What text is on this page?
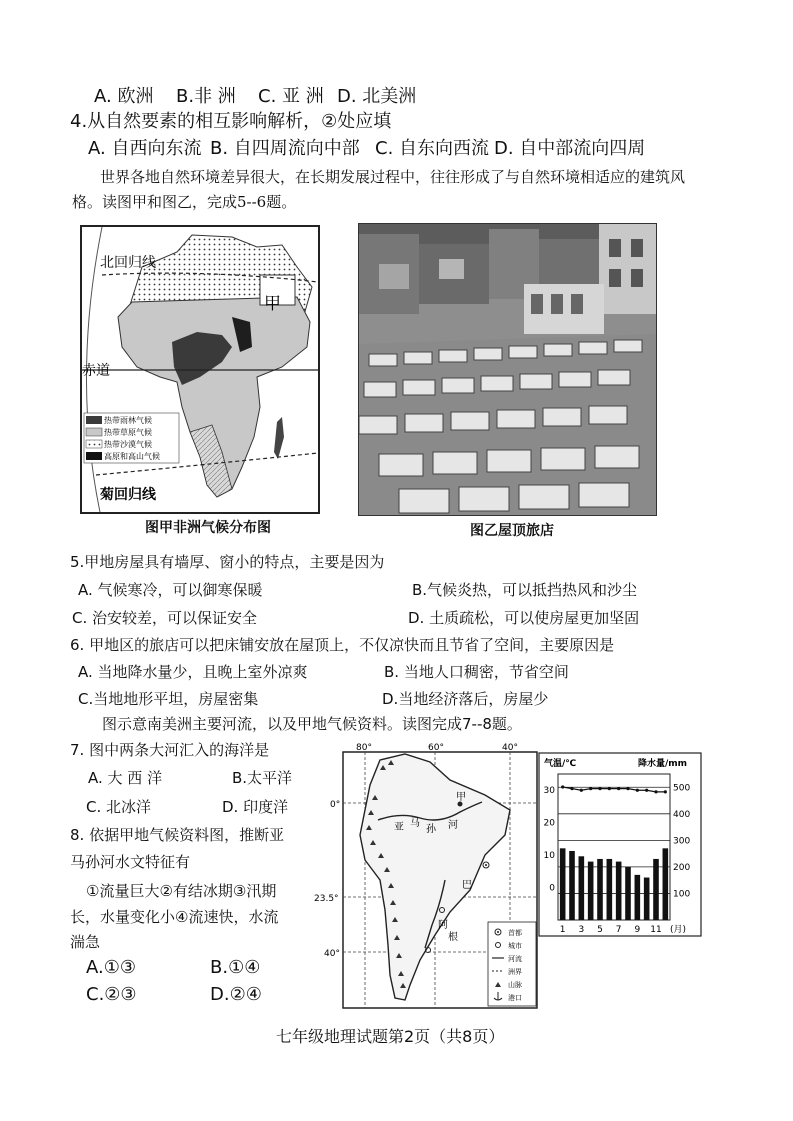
A. 欧洲 B.非 洲 C. 亚 洲 D. 北美洲
4.从自然要素的相互影响解析，②处应填
A. 自西向东流 B. 自四周流向中部 C. 自东向西流 D. 自中部流向四周
世界各地自然环境差异很大，在长期发展过程中，往往形成了与自然环境相适应的建筑风
格。读图甲和图乙，完成5--6题。
热带雨林气候
热带草原气候
热带沙漠气候
高原和高山气候
北回归线
赤道
菊回归线
甲
图甲非洲气候分布图	图乙屋顶旅店
5.甲地房屋具有墙厚、窗小的特点，主要是因为
A. 气候寒冷，可以御寒保暖	B.气候炎热，可以抵挡热风和沙尘
C. 治安较差，可以保证安全	D. 土质疏松，可以使房屋更加坚固
6. 甲地区的旅店可以把床铺安放在屋顶上，不仅凉快而且节省了空间，主要原因是
A. 当地降水量少，且晚上室外凉爽	B. 当地人口稠密，节省空间
C.当地地形平坦，房屋密集	D.当地经济落后，房屋少
图示意南美洲主要河流，以及甲地气候资料。读图完成7--8题。
7. 图中两条大河汇入的海洋是
A. 大 西 洋	B.太平洋
C. 北冰洋	D. 印度洋
8. 依据甲地气候资料图，推断亚
马孙河水文特征有
①流量巨大②有结冰期③汛期
长，水量变化小④流速快，水流
湍急
A.①③	B.①④
C.②③	D.②④
80°	60°	40°
0°
23.5°
40°
甲
亚 马
孙 河
巴
阿
根	首都
城市
河流
洲界
山脉
港口
气温/℃	降水量/mm
500
400
300
200
100
30
20
10
0
1 3 5 7 9 11 (月)
七年级地理试题第2页（共8页）
